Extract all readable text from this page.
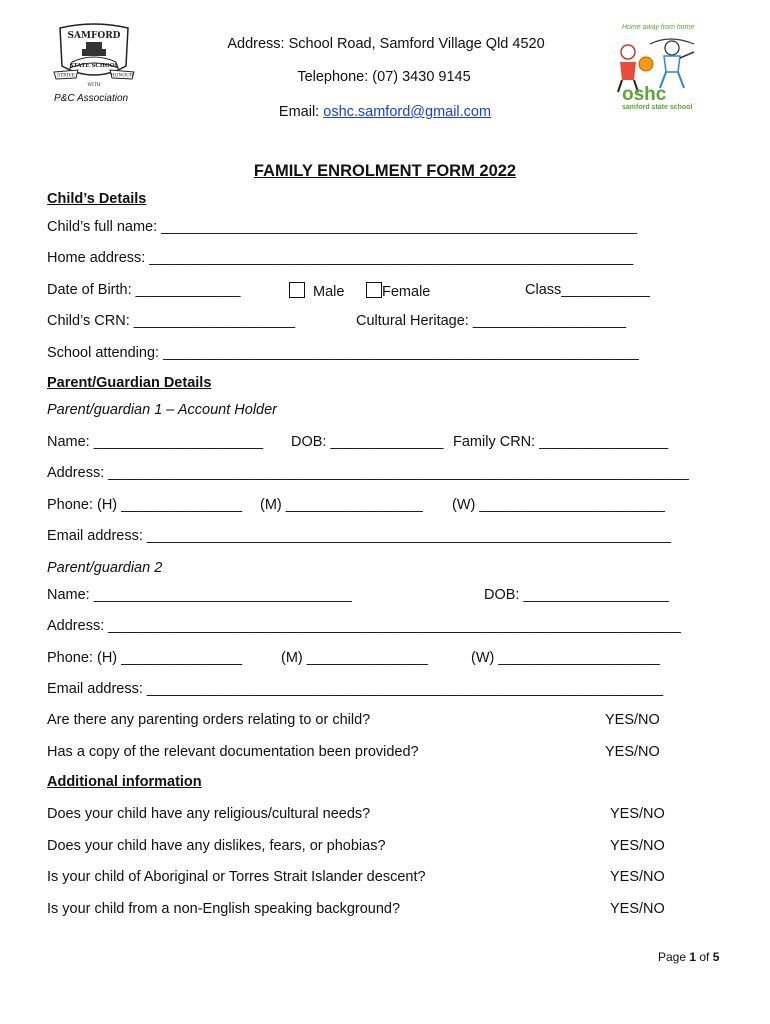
SAMFORD
STATE SCHOOL
STRIVE	HONOUR
WITH
P&C Association
Address: School Road, Samford Village Qld 4520
Telephone: (07) 3430 9145
Email: oshc.samford@gmail.com
Home away from home
oshc
samford state school
FAMILY ENROLMENT FORM 2022
Child’s Details
Child’s full name: ___________________________________________________________
Home address: ____________________________________________________________
Date of Birth: _____________	Male	Female	Class___________
Child’s CRN: ____________________	Cultural Heritage: ___________________
School attending: ___________________________________________________________
Parent/Guardian Details
Parent/guardian 1 – Account Holder
Name: _____________________ DOB: ______________ Family CRN: ________________
Address: ________________________________________________________________________
Phone: (H) _______________ (M) _________________ (W) _______________________
Email address: _________________________________________________________________
Parent/guardian 2
Name: ________________________________	DOB: __________________
Address: _______________________________________________________________________
Phone: (H) _______________	(M) _______________	(W) ____________________
Email address: ________________________________________________________________
Are there any parenting orders relating to or child?	YES/NO
Has a copy of the relevant documentation been provided?	YES/NO
Additional information
Does your child have any religious/cultural needs?	YES/NO
Does your child have any dislikes, fears, or phobias?	YES/NO
Is your child of Aboriginal or Torres Strait Islander descent?	YES/NO
Is your child from a non-English speaking background?	YES/NO
Page 1 of 5
